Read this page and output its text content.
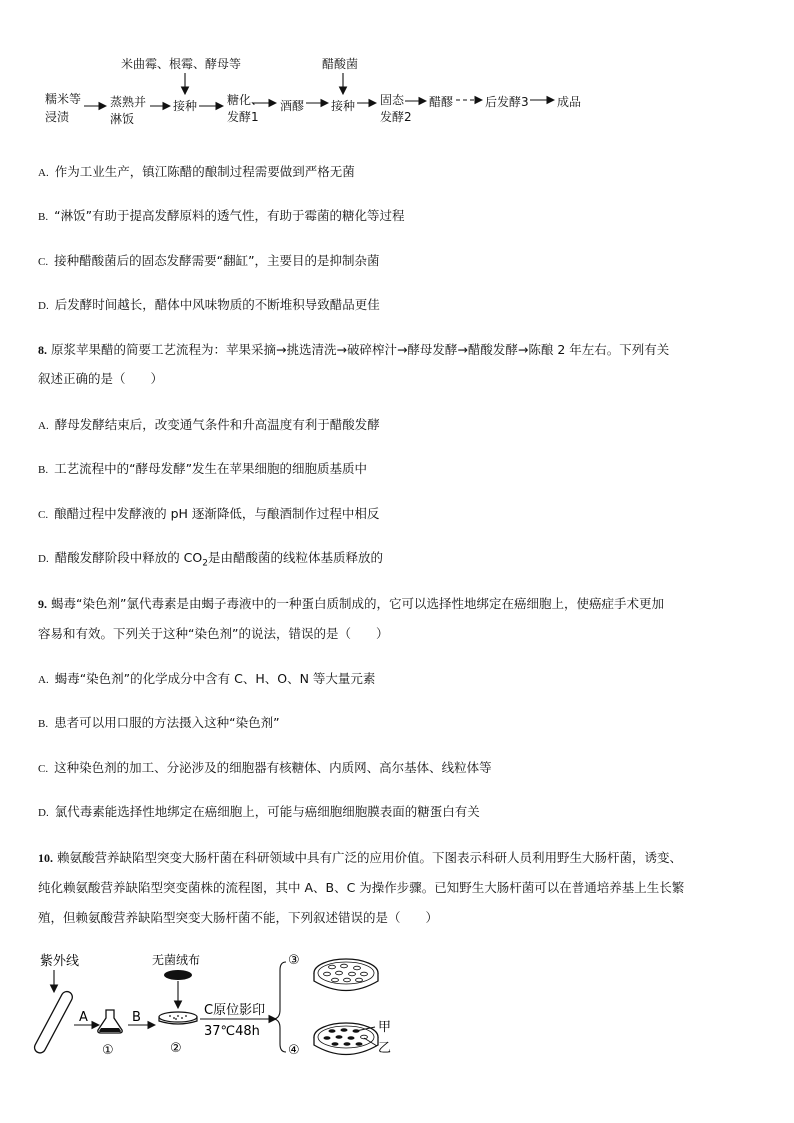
米曲霉、根霉、酵母等	醋酸菌
糯米等
浸渍
蒸熟并
淋饭
接种 糖化、
发酵1
酒醪 接种 固态
发酵2
醋醪	后发酵3 成品
A. 作为工业生产，镇江陈醋的酿制过程需要做到严格无菌
B. “淋饭”有助于提高发酵原料的透气性，有助于霉菌的糖化等过程
C. 接种醋酸菌后的固态发酵需要“翻缸”，主要目的是抑制杂菌
D. 后发酵时间越长，醋体中风味物质的不断堆积导致醋品更佳
8. 原浆苹果醋的简要工艺流程为：苹果采摘→挑选清洗→破碎榨汁→酵母发酵→醋酸发酵→陈酿 2 年左右。下列有关
叙述正确的是（　　）
A. 酵母发酵结束后，改变通气条件和升高温度有利于醋酸发酵
B. 工艺流程中的“酵母发酵”发生在苹果细胞的细胞质基质中
C. 酿醋过程中发酵液的 pH 逐渐降低，与酿酒制作过程中相反
D. 醋酸发酵阶段中释放的 $CO_2$是由醋酸菌的线粒体基质释放的
9. 蝎毒“染色剂”氯代毒素是由蝎子毒液中的一种蛋白质制成的，它可以选择性地绑定在癌细胞上，使癌症手术更加
容易和有效。下列关于这种“染色剂”的说法，错误的是（　　）
A. 蝎毒“染色剂”的化学成分中含有 C、H、O、N 等大量元素
B. 患者可以用口服的方法摄入这种“染色剂”
C. 这种染色剂的加工、分泌涉及的细胞器有核糖体、内质网、高尔基体、线粒体等
D. 氯代毒素能选择性地绑定在癌细胞上，可能与癌细胞细胞膜表面的糖蛋白有关
10. 赖氨酸营养缺陷型突变大肠杆菌在科研领域中具有广泛的应用价值。下图表示科研人员利用野生大肠杆菌，诱变、
纯化赖氨酸营养缺陷型突变菌株的流程图，其中 A、B、C 为操作步骤。已知野生大肠杆菌可以在普通培养基上生长繁
殖，但赖氨酸营养缺陷型突变大肠杆菌不能，下列叙述错误的是（　　）
紫外线
A
①
B
无菌绒布
②
C原位影印
37℃48h
③
④
甲
乙
